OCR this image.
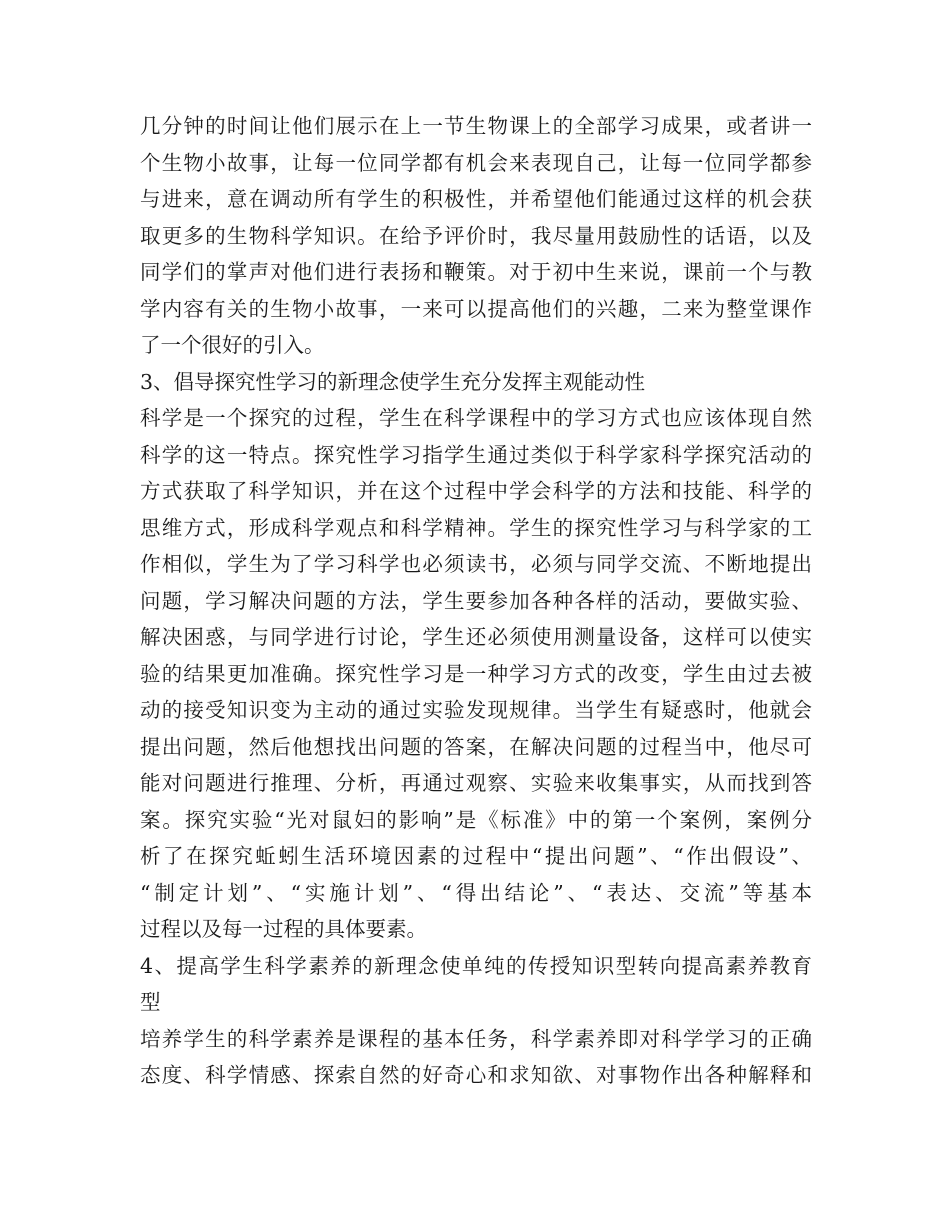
几分钟的时间让他们展示在上一节生物课上的全部学习成果，或者讲一
个生物小故事，让每一位同学都有机会来表现自己，让每一位同学都参
与进来，意在调动所有学生的积极性，并希望他们能通过这样的机会获
取更多的生物科学知识。在给予评价时，我尽量用鼓励性的话语，以及
同学们的掌声对他们进行表扬和鞭策。对于初中生来说，课前一个与教
学内容有关的生物小故事，一来可以提高他们的兴趣，二来为整堂课作
了一个很好的引入。
3、倡导探究性学习的新理念使学生充分发挥主观能动性
科学是一个探究的过程，学生在科学课程中的学习方式也应该体现自然
科学的这一特点。探究性学习指学生通过类似于科学家科学探究活动的
方式获取了科学知识，并在这个过程中学会科学的方法和技能、科学的
思维方式，形成科学观点和科学精神。学生的探究性学习与科学家的工
作相似，学生为了学习科学也必须读书，必须与同学交流、不断地提出
问题，学习解决问题的方法，学生要参加各种各样的活动，要做实验、
解决困惑，与同学进行讨论，学生还必须使用测量设备，这样可以使实
验的结果更加准确。探究性学习是一种学习方式的改变，学生由过去被
动的接受知识变为主动的通过实验发现规律。当学生有疑惑时，他就会
提出问题，然后他想找出问题的答案，在解决问题的过程当中，他尽可
能对问题进行推理、分析，再通过观察、实验来收集事实，从而找到答
案。探究实验“光对鼠妇的影响”是《标准》中的第一个案例，案例分
析了在探究蚯蚓生活环境因素的过程中“提出问题”、“作出假设”、
“制定计划”、“实施计划”、“得出结论”、“表达、交流”等基本
过程以及每一过程的具体要素。
4、提高学生科学素养的新理念使单纯的传授知识型转向提高素养教育
型
培养学生的科学素养是课程的基本任务，科学素养即对科学学习的正确
态度、科学情感、探索自然的好奇心和求知欲、对事物作出各种解释和
